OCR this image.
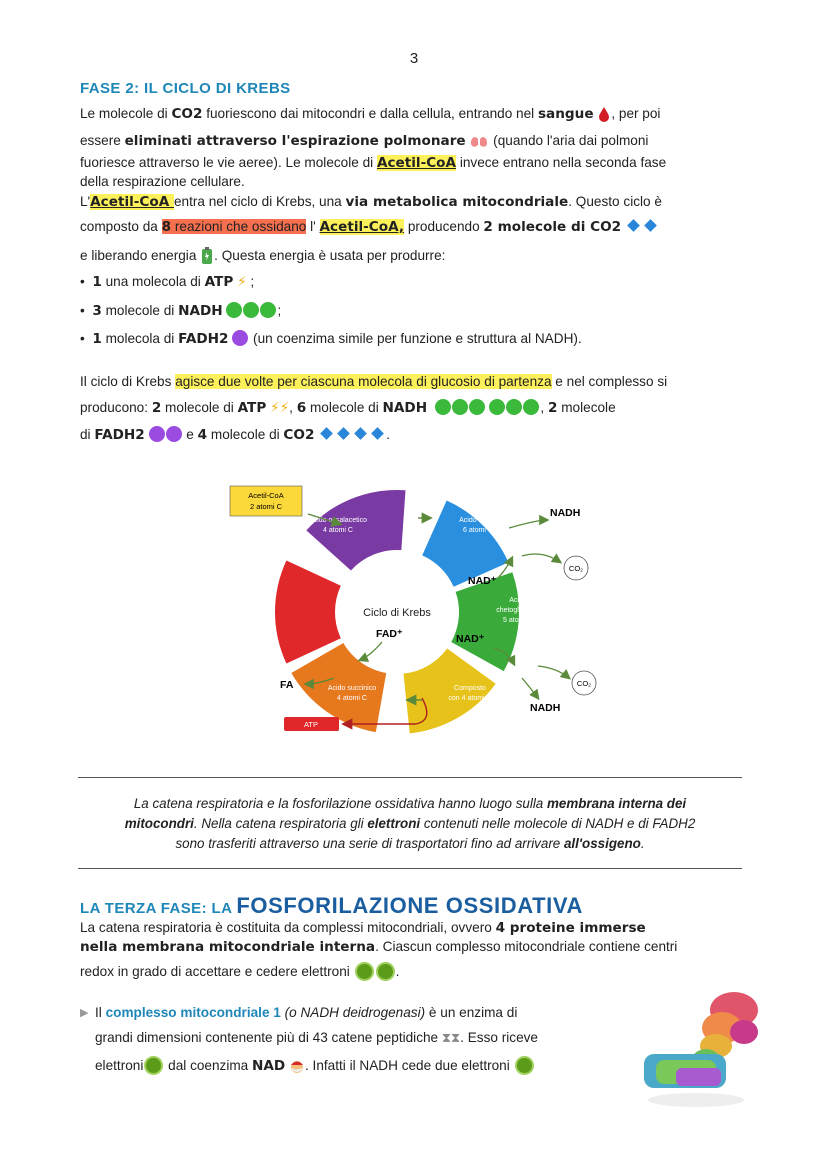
3
FASE 2: IL CICLO DI KREBS
Le molecole di CO2 fuoriescono dai mitocondri e dalla cellula, entrando nel sangue , per poi
essere eliminati attraverso l'espirazione polmonare  (quando l'aria dai polmoni
fuoriesce attraverso le vie aeree). Le molecole di Acetil-CoA invece entrano nella seconda fase
della respirazione cellulare.
L'Acetil-CoA entra nel ciclo di Krebs, una via metabolica mitocondriale. Questo ciclo è
composto da 8 reazioni che ossidano l' Acetil-CoA, producendo 2 molecole di CO2
e liberando energia . Questa energia è usata per produrre:
•  1 una molecola di ATP ⚡ ;
•  3 molecole di NADH	;
•  1 molecola di FADH2  (un coenzima simile per funzione e struttura al NADH).
Il ciclo di Krebs agisce due volte per ciascuna molecola di glucosio di partenza e nel complesso si
producono: 2 molecole di ATP ⚡⚡, 6 molecole di NADH	, 2 molecole
di FADH2	e 4 molecole di CO2	.
Acido ossalacetico
4 atomi C
Acido citrico
6 atomi C
Acido
chetoglutarico
5 atomi C
Composto
con 4 atomi C
Acido succinico
4 atomi C
Acetil-CoA
2 atomi C
Ciclo di Krebs
NADH
NAD⁺
CO₂
NAD⁺
CO₂
NADH
FAD⁺
FA
ATP
La catena respiratoria e la fosforilazione ossidativa hanno luogo sulla membrana interna dei
mitocondri. Nella catena respiratoria gli elettroni contenuti nelle molecole di NADH e di FADH2
sono trasferiti attraverso una serie di trasportatori fino ad arrivare all'ossigeno.
LA TERZA FASE: LA FOSFORILAZIONE OSSIDATIVA
La catena respiratoria è costituita da complessi mitocondriali, ovvero 4 proteine immerse
nella membrana mitocondriale interna. Ciascun complesso mitocondriale contiene centri
redox in grado di accettare e cedere elettroni	.
▶ Il complesso mitocondriale 1 (o NADH deidrogenasi) è un enzima di
grandi dimensioni contenente più di 43 catene peptidiche ⧗⧗. Esso riceve
elettroni dal coenzima NAD . Infatti il NADH cede due elettroni
